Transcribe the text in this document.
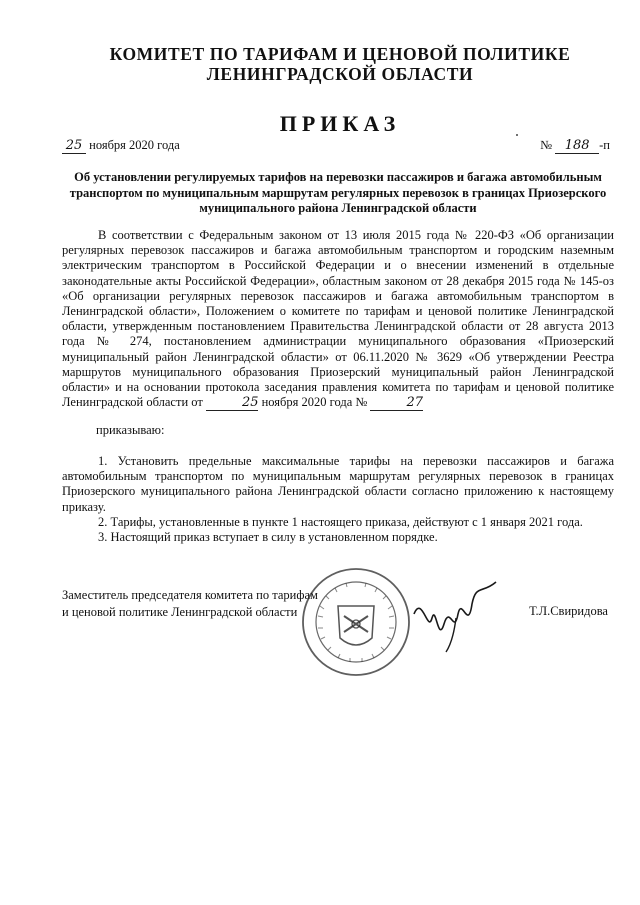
КОМИТЕТ ПО ТАРИФАМ И ЦЕНОВОЙ ПОЛИТИКЕ
ЛЕНИНГРАДСКОЙ ОБЛАСТИ
ПРИКАЗ
25 ноября 2020 года	№ 188 -п
Об установлении регулируемых тарифов на перевозки пассажиров и багажа автомобильным транспортом по муниципальным маршрутам регулярных перевозок в границах Приозерского муниципального района Ленинградской области

В соответствии с Федеральным законом от 13 июля 2015 года № 220-ФЗ «Об организации регулярных перевозок пассажиров и багажа автомобильным транспортом и городским наземным электрическим транспортом в Российской Федерации и о внесении изменений в отдельные законодательные акты Российской Федерации», областным законом от 28 декабря 2015 года № 145-оз «Об организации регулярных перевозок пассажиров и багажа автомобильным транспортом в Ленинградской области», Положением о комитете по тарифам и ценовой политике Ленинградской области, утвержденным постановлением Правительства Ленинградской области от 28 августа 2013 года № 274, постановлением администрации муниципального образования «Приозерский муниципальный район Ленинградской области» от 06.11.2020 № 3629 «Об утверждении Реестра маршрутов муниципального образования Приозерский муниципальный район Ленинградской области» и на основании протокола заседания правления комитета по тарифам и ценовой политике Ленинградской области от	25 ноября 2020 года №	27

приказываю:

1. Установить предельные максимальные тарифы на перевозки пассажиров и багажа автомобильным транспортом по муниципальным маршрутам регулярных перевозок в границах Приозерского муниципального района Ленинградской области согласно приложению к настоящему приказу.

2. Тарифы, установленные в пункте 1 настоящего приказа, действуют с 1 января 2021 года.

3. Настоящий приказ вступает в силу в установленном порядке.

Заместитель председателя комитета по тарифам
и ценовой политике Ленинградской области	Т.Л.Свиридова
